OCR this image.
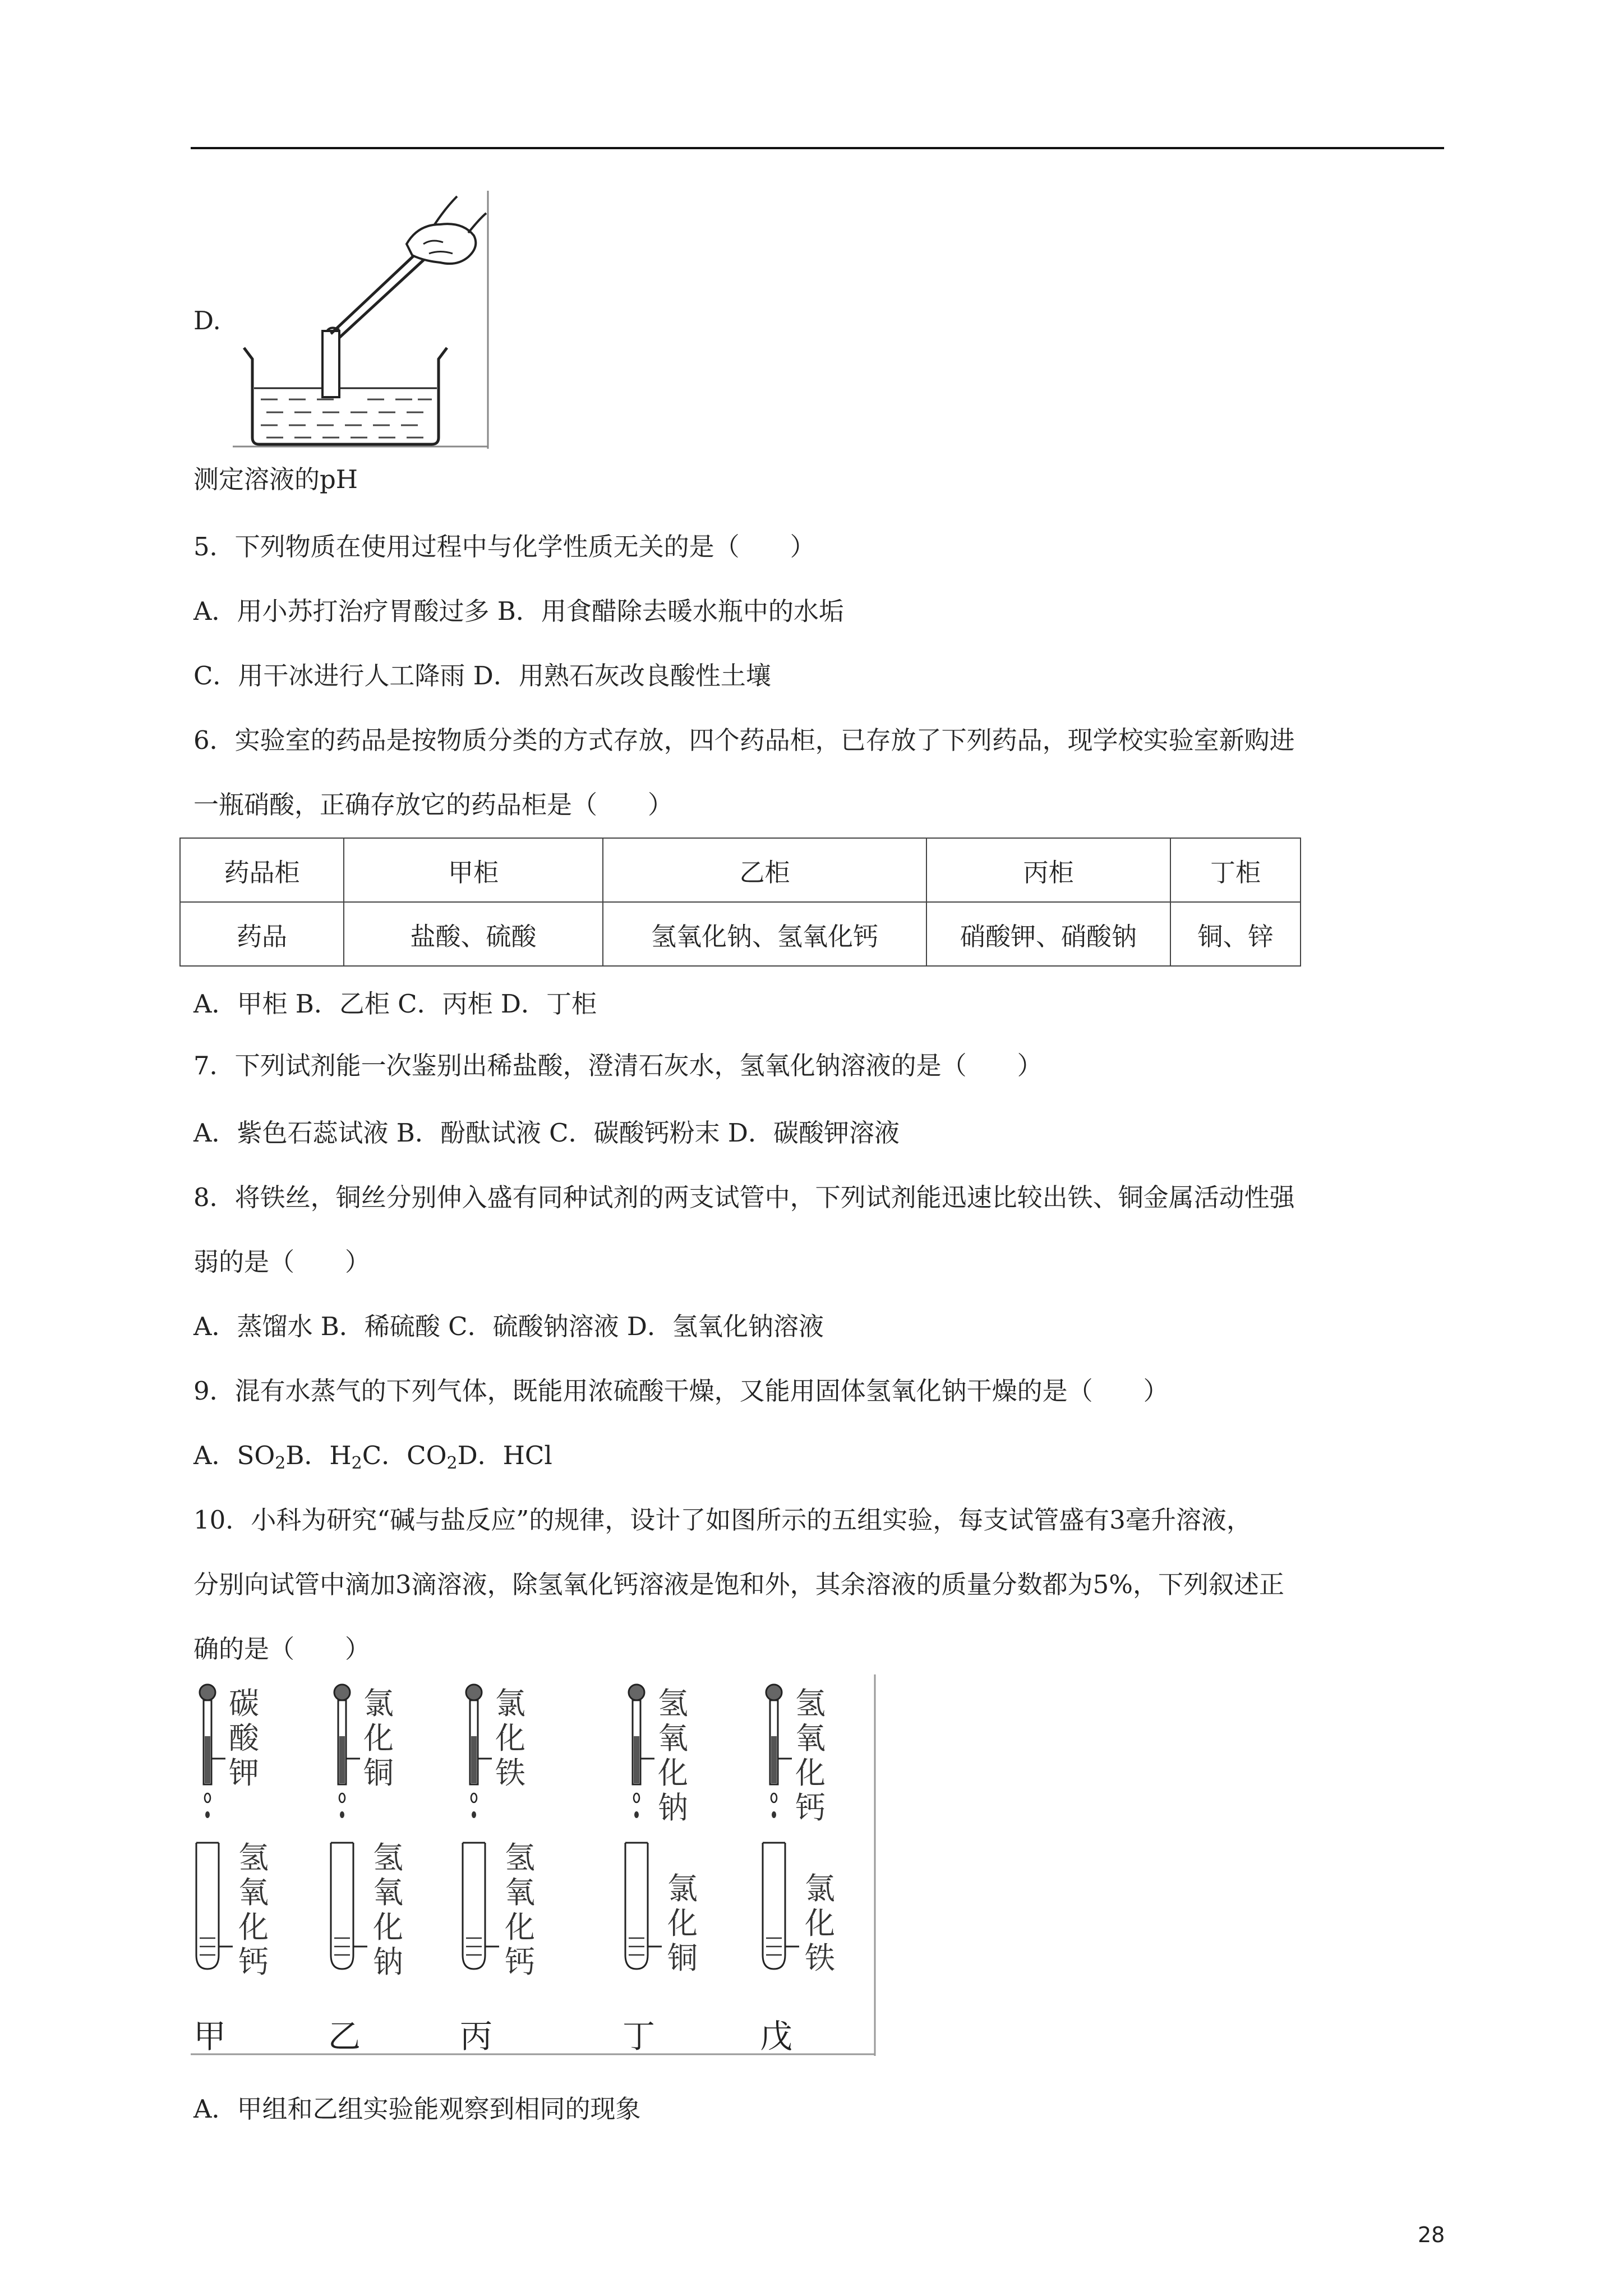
D.
测定溶液的pH
5．下列物质在使用过程中与化学性质无关的是（　　）
A．用小苏打治疗胃酸过多 B．用食醋除去暖水瓶中的水垢
C．用干冰进行人工降雨 D．用熟石灰改良酸性土壤
6．实验室的药品是按物质分类的方式存放，四个药品柜，已存放了下列药品，现学校实验室新购进
一瓶硝酸，正确存放它的药品柜是（　　）
药品柜	甲柜	乙柜	丙柜	丁柜
药品	盐酸、硫酸	氢氧化钠、氢氧化钙	硝酸钾、硝酸钠	铜、锌
A．甲柜 B．乙柜 C．丙柜 D．丁柜
7．下列试剂能一次鉴别出稀盐酸，澄清石灰水，氢氧化钠溶液的是（　　）
A．紫色石蕊试液 B．酚酞试液 C．碳酸钙粉末 D．碳酸钾溶液
8．将铁丝，铜丝分别伸入盛有同种试剂的两支试管中，下列试剂能迅速比较出铁、铜金属活动性强
弱的是（　　）
A．蒸馏水 B．稀硫酸 C．硫酸钠溶液 D．氢氧化钠溶液
9．混有水蒸气的下列气体，既能用浓硫酸干燥，又能用固体氢氧化钠干燥的是（　　）
A．$SO_2B$．$H_2C$．$CO_2D$．HCl
10．小科为研究“碱与盐反应”的规律，设计了如图所示的五组实验，每支试管盛有3毫升溶液，
分别向试管中滴加3滴溶液，除氢氧化钙溶液是饱和外，其余溶液的质量分数都为5%，下列叙述正
确的是（　　）
碳
酸
钾
氢
氧
化
钙
甲
氯
化
铜
氢
氧
化
钠
乙
氯
化
铁
氢
氧
化
钙
丙
氢
氧
化
钠
氯
化
铜
丁
氢
氧
化
钙
氯
化
铁
戊
A．甲组和乙组实验能观察到相同的现象
28
